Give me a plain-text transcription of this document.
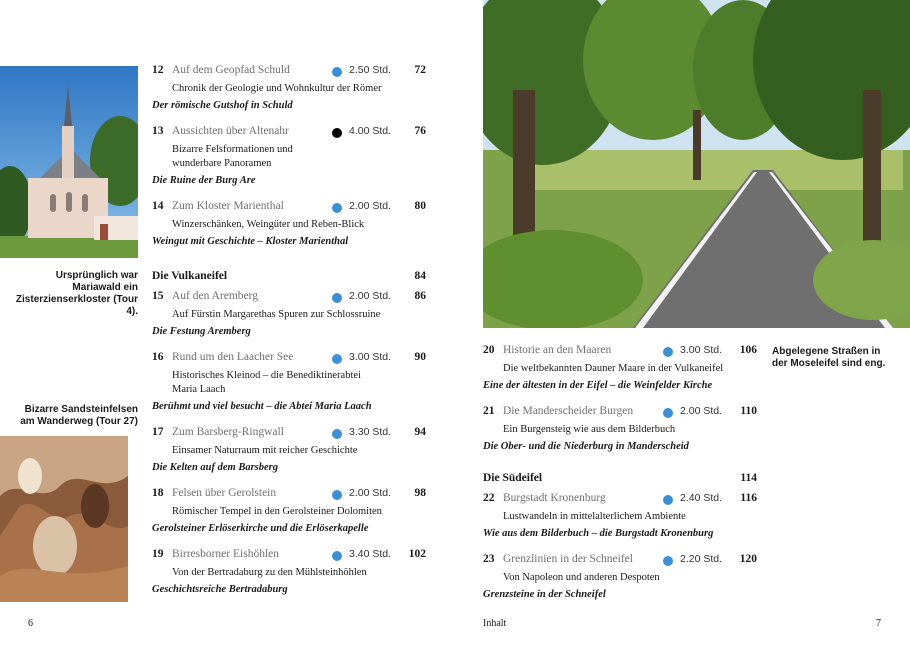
Ursprünglich war Mariawald ein Zisterzienserkloster (Tour 4).
Bizarre Sandsteinfelsen am Wanderweg (Tour 27)
6
12 Auf dem Geopfad Schuld	2.50 Std.	72
Chronik der Geologie und Wohnkultur der Römer
Der römische Gutshof in Schuld
13 Aussichten über Altenahr	4.00 Std.	76
Bizarre Felsformationen und
wunderbare Panoramen
Die Ruine der Burg Are
14 Zum Kloster Marienthal	2.00 Std.	80
Winzerschänken, Weingüter und Reben-Blick
Weingut mit Geschichte – Kloster Marienthal
Die Vulkaneifel	84
15 Auf den Aremberg	2.00 Std.	86
Auf Fürstin Margarethas Spuren zur Schlossruine
Die Festung Aremberg
16 Rund um den Laacher See	3.00 Std.	90
Historisches Kleinod – die Benediktinerabtei
Maria Laach
Berühmt und viel besucht – die Abtei Maria Laach
17 Zum Barsberg-Ringwall	3.30 Std.	94
Einsamer Naturraum mit reicher Geschichte
Die Kelten auf dem Barsberg
18 Felsen über Gerolstein	2.00 Std.	98
Römischer Tempel in den Gerolsteiner Dolomiten
Gerolsteiner Erlöserkirche und die Erlöserkapelle
19 Birresborner Eishöhlen	3.40 Std.	102
Von der Bertradaburg zu den Mühlsteinhöhlen
Geschichtsreiche Bertradaburg
Abgelegene Straßen in der Moseleifel sind eng.
20 Historie an den Maaren	3.00 Std.	106
Die weltbekannten Dauner Maare in der Vulkaneifel
Eine der ältesten in der Eifel – die Weinfelder Kirche
21 Die Manderscheider Burgen	2.00 Std.	110
Ein Burgensteig wie aus dem Bilderbuch
Die Ober- und die Niederburg in Manderscheid
Die Südeifel	114
22 Burgstadt Kronenburg	2.40 Std.	116
Lustwandeln in mittelalterlichem Ambiente
Wie aus dem Bilderbuch – die Burgstadt Kronenburg
23 Grenzlinien in der Schneifel	2.20 Std.	120
Von Napoleon und anderen Despoten
Grenzsteine in der Schneifel
Inhalt	7
